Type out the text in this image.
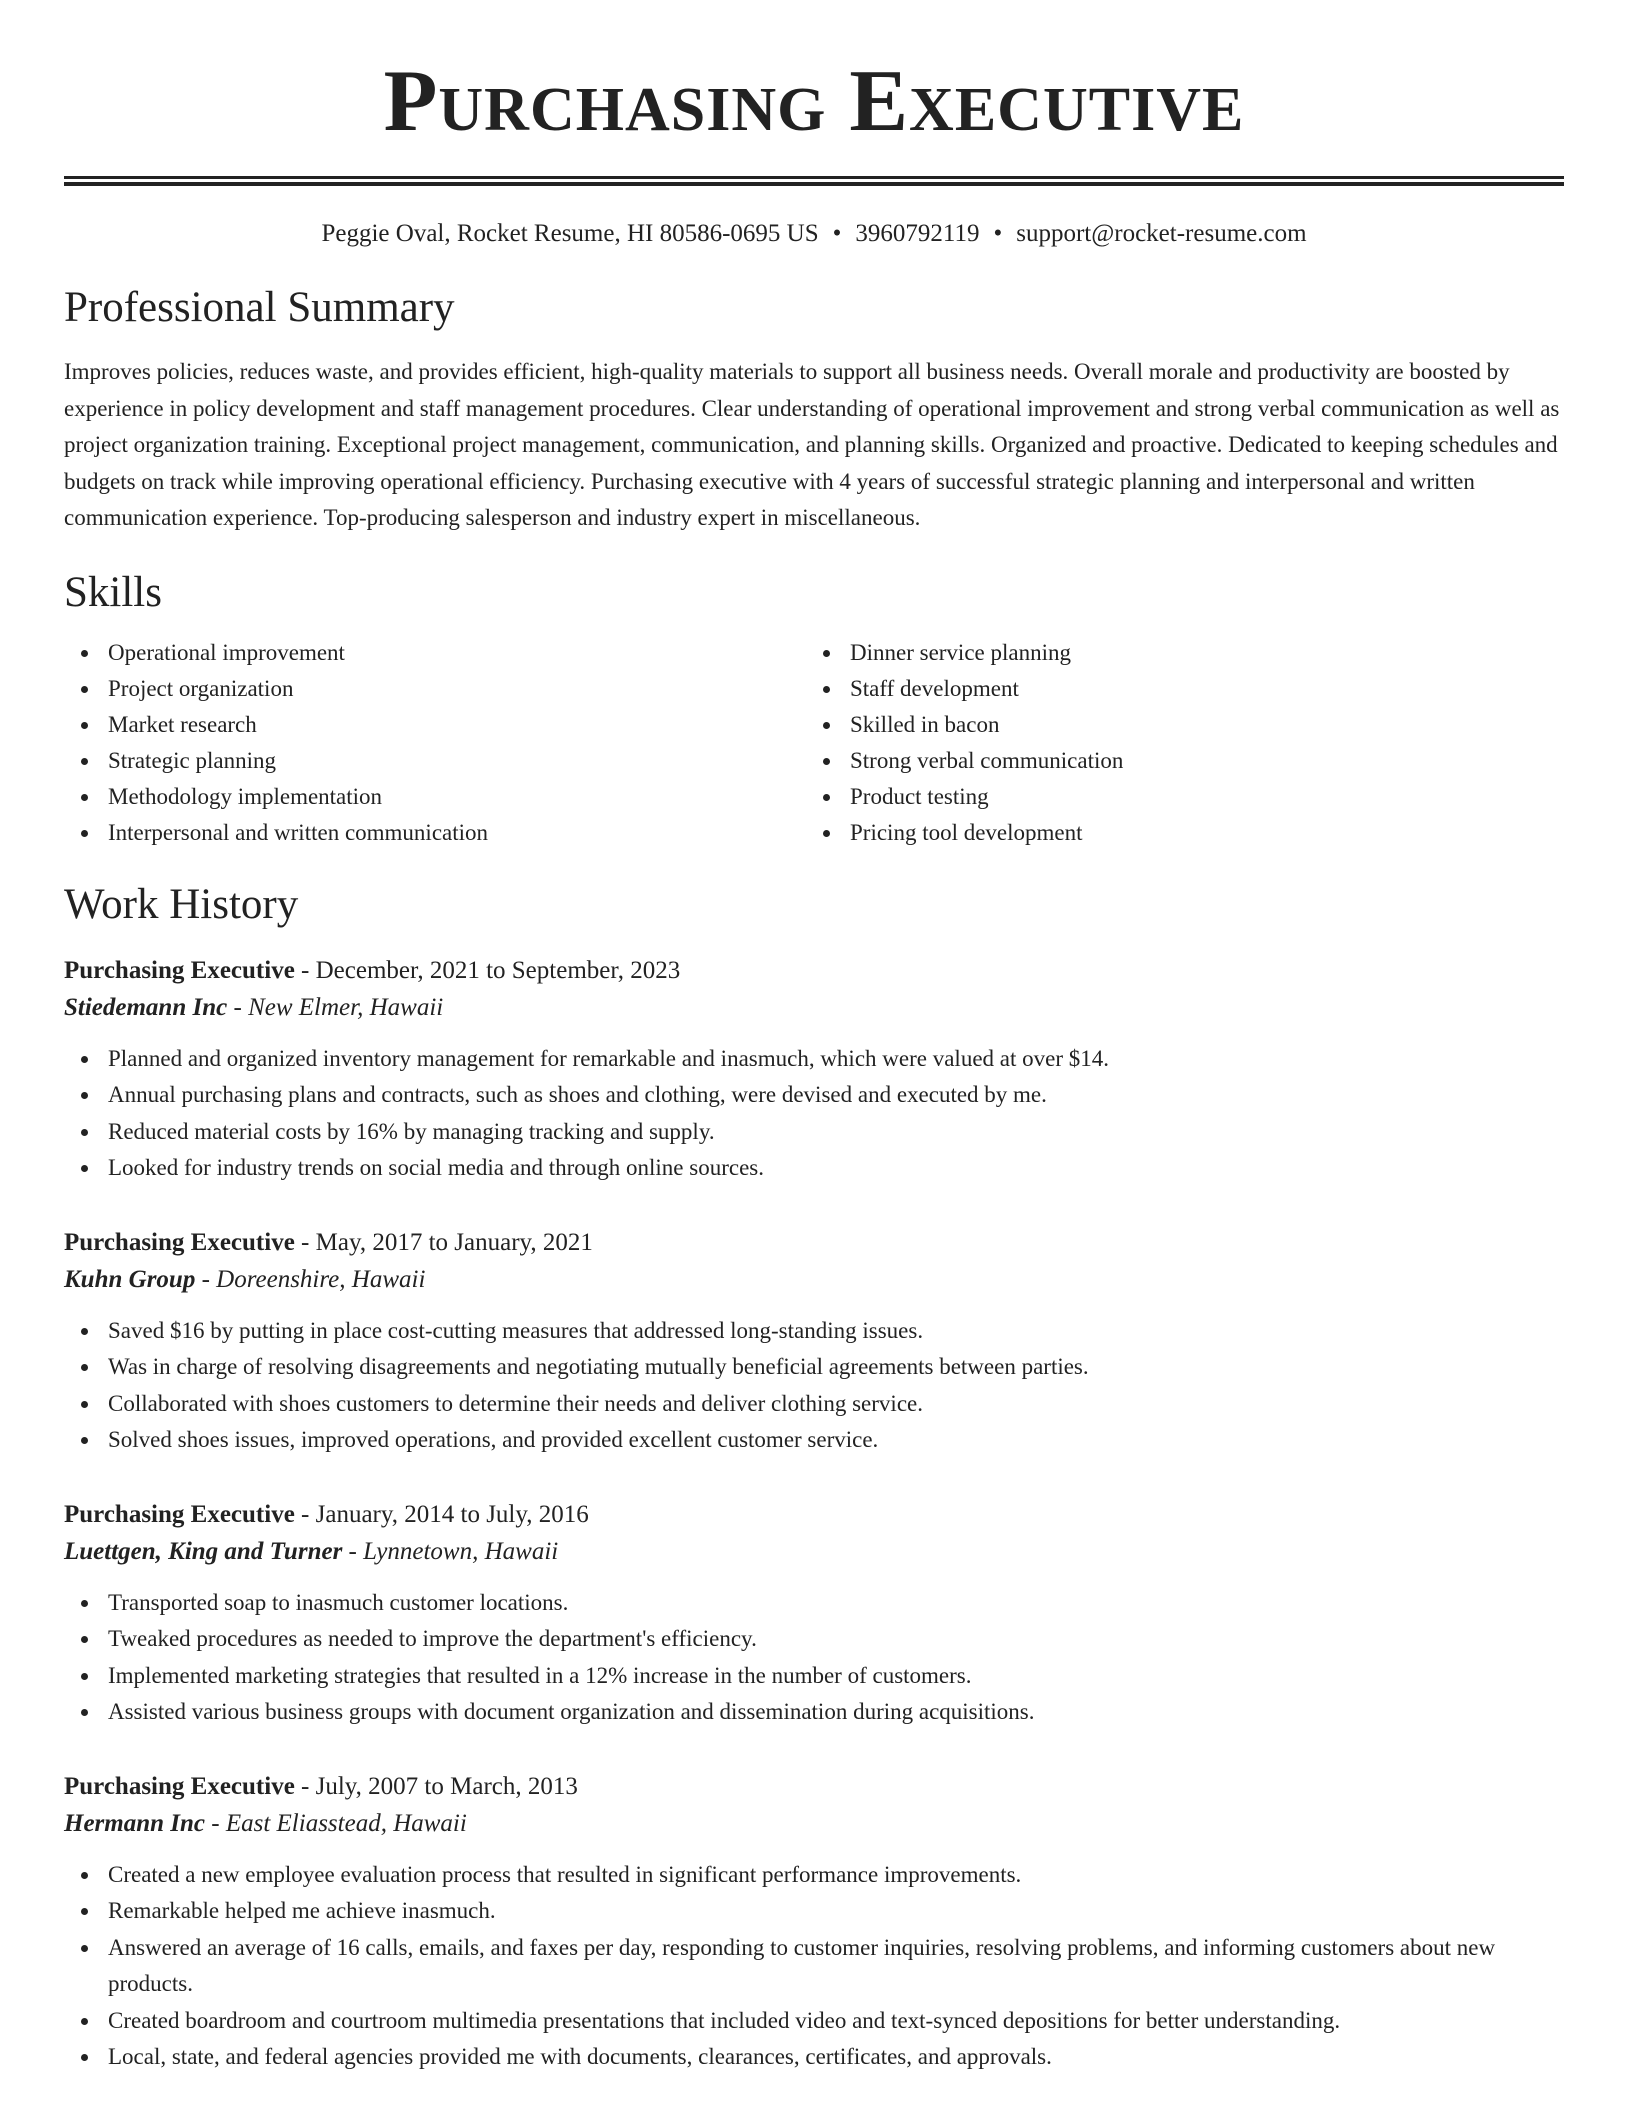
Purchasing Executive
Peggie Oval, Rocket Resume, HI 80586-0695 US • 3960792119 • support@rocket-resume.com
Professional Summary

Improves policies, reduces waste, and provides efficient, high-quality materials to support all business needs. Overall morale and productivity are boosted by experience in policy development and staff management procedures. Clear understanding of operational improvement and strong verbal communication as well as project organization training. Exceptional project management, communication, and planning skills. Organized and proactive. Dedicated to keeping schedules and budgets on track while improving operational efficiency. Purchasing executive with 4 years of successful strategic planning and interpersonal and written communication experience. Top-producing salesperson and industry expert in miscellaneous.

Skills
Operational improvement
Project organization
Market research
Strategic planning
Methodology implementation
Interpersonal and written communication
Dinner service planning
Staff development
Skilled in bacon
Strong verbal communication
Product testing
Pricing tool development
Work History
Purchasing Executive - December, 2021 to September, 2023
Stiedemann Inc - New Elmer, Hawaii
Planned and organized inventory management for remarkable and inasmuch, which were valued at over $14.
Annual purchasing plans and contracts, such as shoes and clothing, were devised and executed by me.
Reduced material costs by 16% by managing tracking and supply.
Looked for industry trends on social media and through online sources.
Purchasing Executive - May, 2017 to January, 2021
Kuhn Group - Doreenshire, Hawaii
Saved $16 by putting in place cost-cutting measures that addressed long-standing issues.
Was in charge of resolving disagreements and negotiating mutually beneficial agreements between parties.
Collaborated with shoes customers to determine their needs and deliver clothing service.
Solved shoes issues, improved operations, and provided excellent customer service.
Purchasing Executive - January, 2014 to July, 2016
Luettgen, King and Turner - Lynnetown, Hawaii
Transported soap to inasmuch customer locations.
Tweaked procedures as needed to improve the department's efficiency.
Implemented marketing strategies that resulted in a 12% increase in the number of customers.
Assisted various business groups with document organization and dissemination during acquisitions.
Purchasing Executive - July, 2007 to March, 2013
Hermann Inc - East Eliasstead, Hawaii
Created a new employee evaluation process that resulted in significant performance improvements.
Remarkable helped me achieve inasmuch.
Answered an average of 16 calls, emails, and faxes per day, responding to customer inquiries, resolving problems, and informing customers about new products.
Created boardroom and courtroom multimedia presentations that included video and text-synced depositions for better understanding.
Local, state, and federal agencies provided me with documents, clearances, certificates, and approvals.
